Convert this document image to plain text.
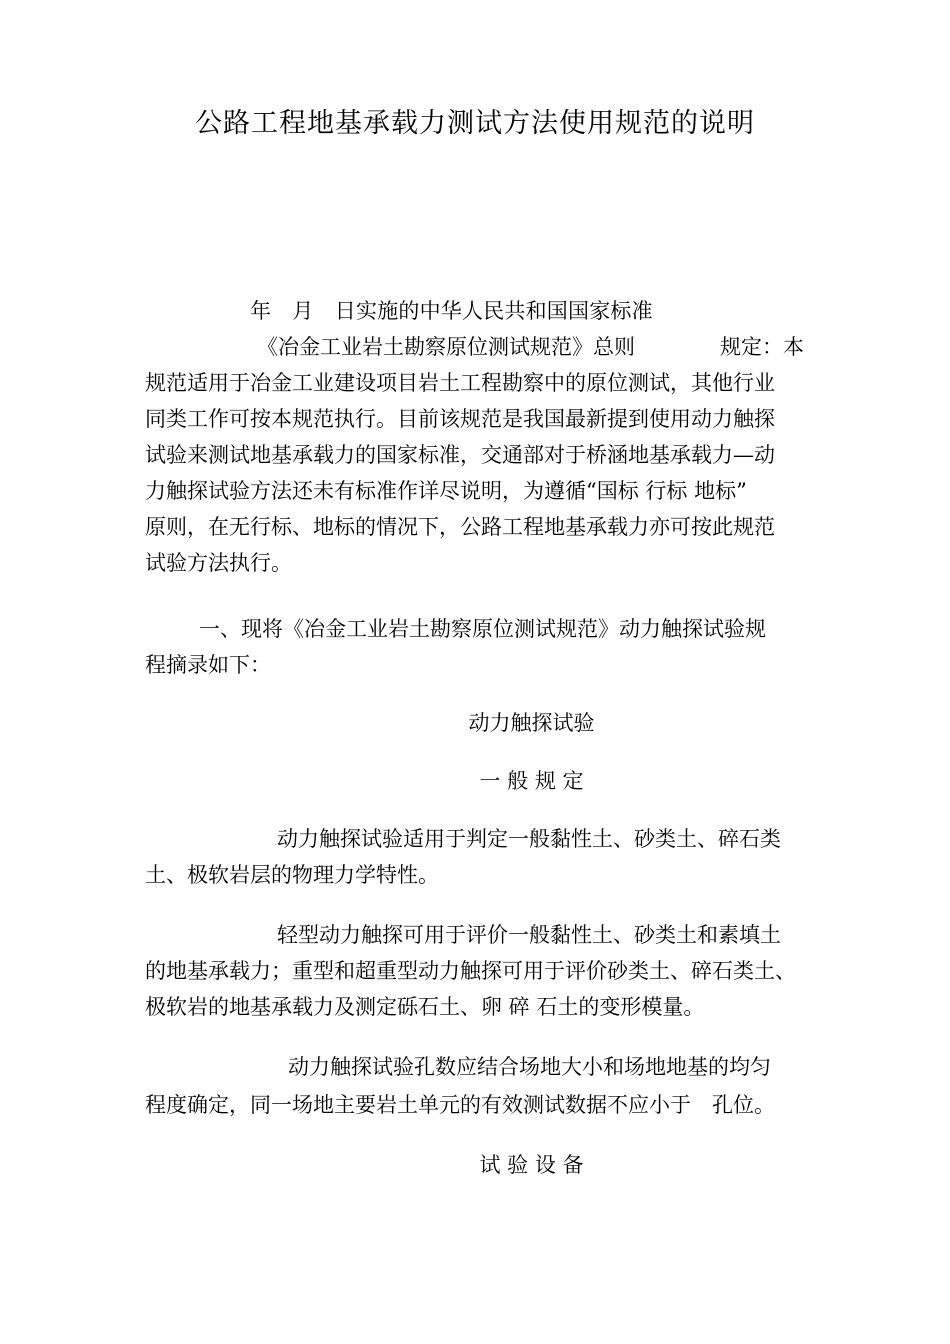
公路工程地基承载力测试方法使用规范的说明
年　月　日实施的中华人民共和国国家标准
《冶金工业岩土勘察原位测试规范》总则	规定：本
规范适用于冶金工业建设项目岩土工程勘察中的原位测试，其他行业
同类工作可按本规范执行。目前该规范是我国最新提到使用动力触探
试验来测试地基承载力的国家标准，交通部对于桥涵地基承载力—动
力触探试验方法还未有标准作详尽说明，为遵循“国标 行标 地标”
原则，在无行标、地标的情况下，公路工程地基承载力亦可按此规范
试验方法执行。
一、现将《冶金工业岩土勘察原位测试规范》动力触探试验规
程摘录如下：
动力触探试验
一 般 规 定
动力触探试验适用于判定一般黏性土、砂类土、碎石类
土、极软岩层的物理力学特性。
轻型动力触探可用于评价一般黏性土、砂类土和素填土
的地基承载力；重型和超重型动力触探可用于评价砂类土、碎石类土、
极软岩的地基承载力及测定砾石土、卵 碎 石土的变形模量。
动力触探试验孔数应结合场地大小和场地地基的均匀
程度确定，同一场地主要岩土单元的有效测试数据不应小于　孔位。
试 验 设 备
